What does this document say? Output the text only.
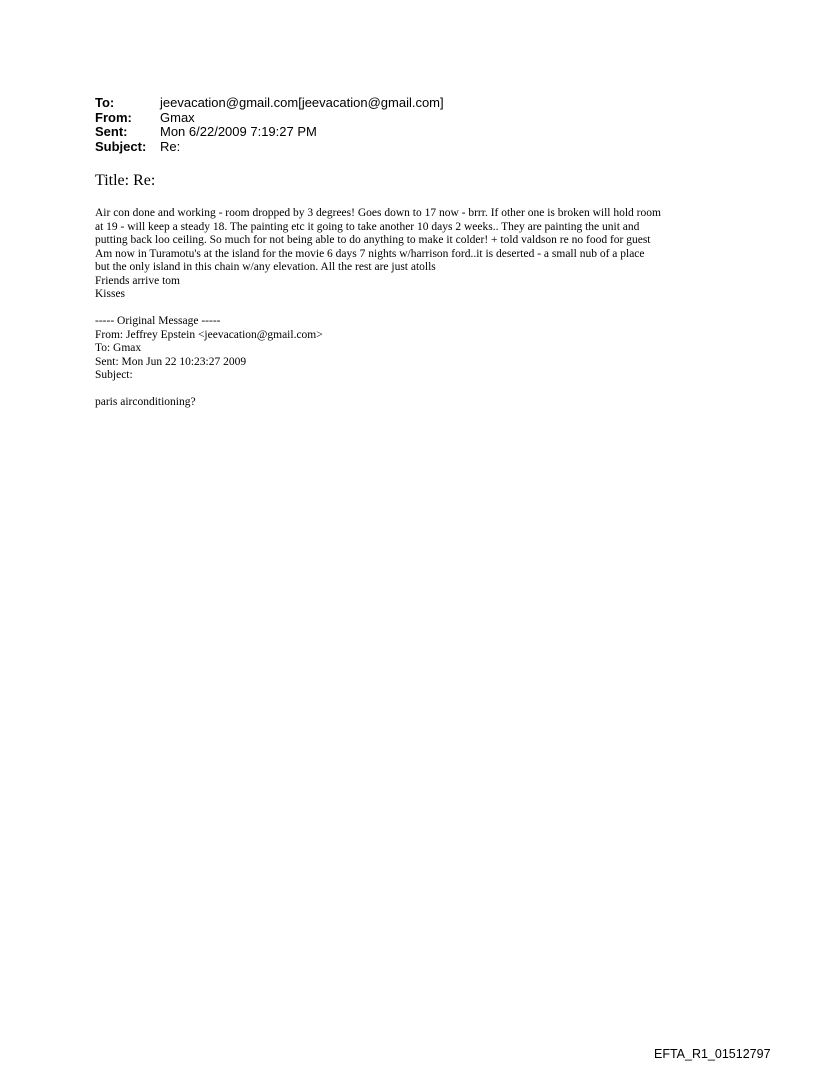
To:	jeevacation@gmail.com[jeevacation@gmail.com]
From:	Gmax
Sent:	Mon 6/22/2009 7:19:27 PM
Subject:	Re:
Title: Re:
Air con done and working - room dropped by 3 degrees! Goes down to 17 now - brrr. If other one is broken will hold room
at 19 - will keep a steady 18. The painting etc it going to take another 10 days 2 weeks.. They are painting the unit and
putting back loo ceiling. So much for not being able to do anything to make it colder! + told valdson re no food for guest
Am now in Turamotu's at the island for the movie 6 days 7 nights w/harrison ford..it is deserted - a small nub of a place
but the only island in this chain w/any elevation. All the rest are just atolls
Friends arrive tom
Kisses
----- Original Message -----
From: Jeffrey Epstein <jeevacation@gmail.com>
To: Gmax
Sent: Mon Jun 22 10:23:27 2009
Subject:
paris airconditioning?
EFTA_R1_01512797
